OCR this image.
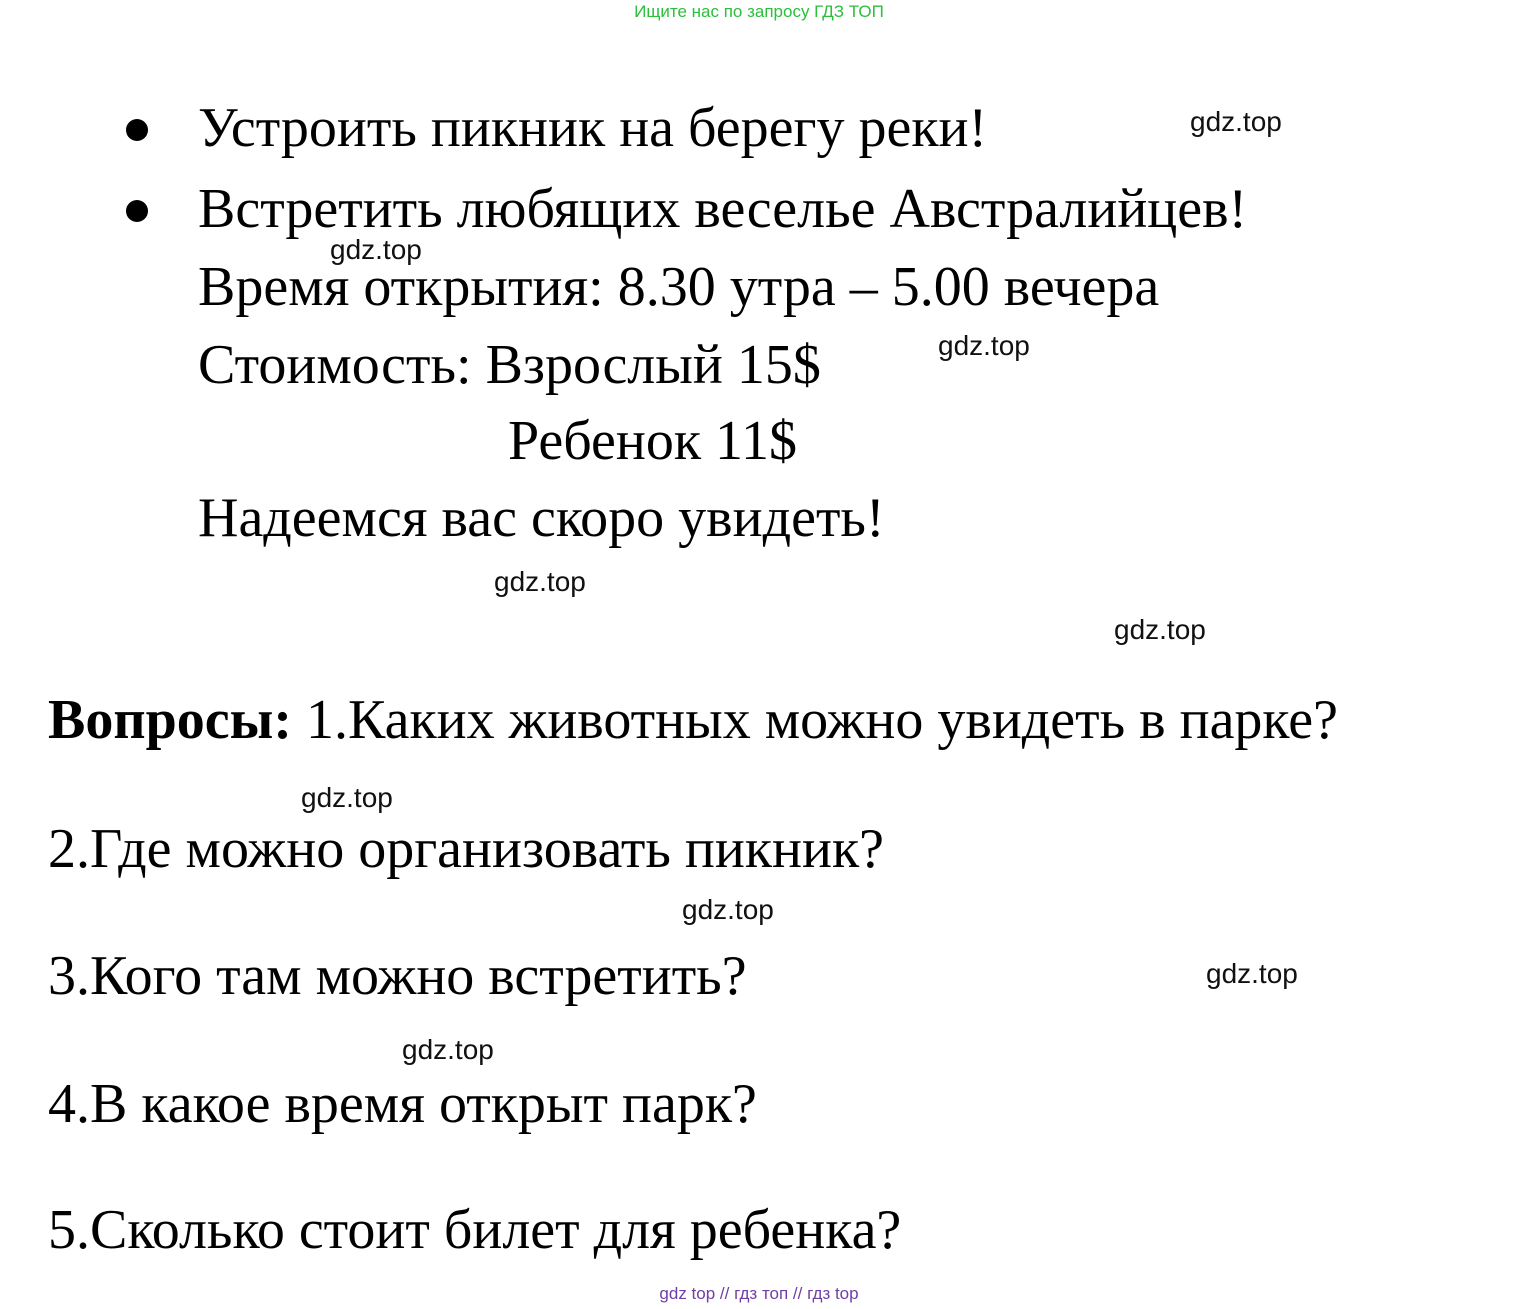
Ищите нас по запросу ГДЗ ТОП
Устроить пикник на берегу реки!
Встретить любящих веселье Австралийцев!
Время открытия: 8.30 утра – 5.00 вечера
Стоимость: Взрослый 15$
Ребенок 11$
Надеемся вас скоро увидеть!
Вопросы: 1.Каких животных можно увидеть в парке?
2.Где можно организовать пикник?
3.Кого там можно встретить?
4.В какое время открыт парк?
5.Сколько стоит билет для ребенка?
gdz.top
gdz.top
gdz.top
gdz.top
gdz.top
gdz.top
gdz.top
gdz.top
gdz.top
gdz top // гдз топ // гдз top
